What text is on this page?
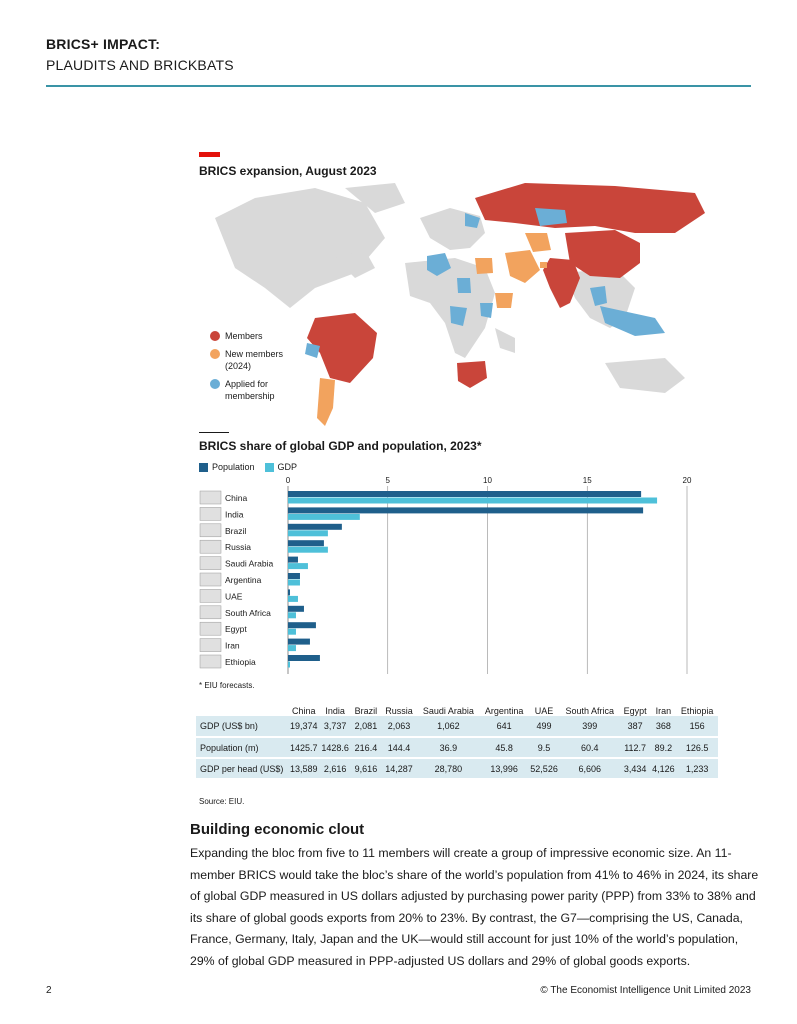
BRICS+ IMPACT:
PLAUDITS AND BRICKBATS
BRICS expansion, August 2023
Members
New members (2024)
Applied for membership
BRICS share of global GDP and population, 2023*
Population	GDP
0	5	10	15	20
China
India
Brazil
Russia
Saudi Arabia
Argentina
UAE
South Africa
Egypt
Iran
Ethiopia
* EIU forecasts.
	China	India	Brazil	Russia	Saudi Arabia	Argentina	UAE	South Africa	Egypt	Iran	Ethiopia
GDP (US$ bn)	19,374	3,737	2,081	2,063	1,062	641	499	399	387	368	156
Population (m)	1425.7	1428.6	216.4	144.4	36.9	45.8	9.5	60.4	112.7	89.2	126.5
GDP per head (US$)	13,589	2,616	9,616	14,287	28,780	13,996	52,526	6,606	3,434	4,126	1,233
Source: EIU.
Building economic clout
Expanding the bloc from five to 11 members will create a group of impressive economic size. An 11-member BRICS would take the bloc’s share of the world’s population from 41% to 46% in 2024, its share of global GDP measured in US dollars adjusted by purchasing power parity (PPP) from 33% to 38% and its share of global goods exports from 20% to 23%. By contrast, the G7—comprising the US, Canada, France, Germany, Italy, Japan and the UK—would still account for just 10% of the world’s population, 29% of global GDP measured in PPP-adjusted US dollars and 29% of global goods exports.
2	© The Economist Intelligence Unit Limited 2023
